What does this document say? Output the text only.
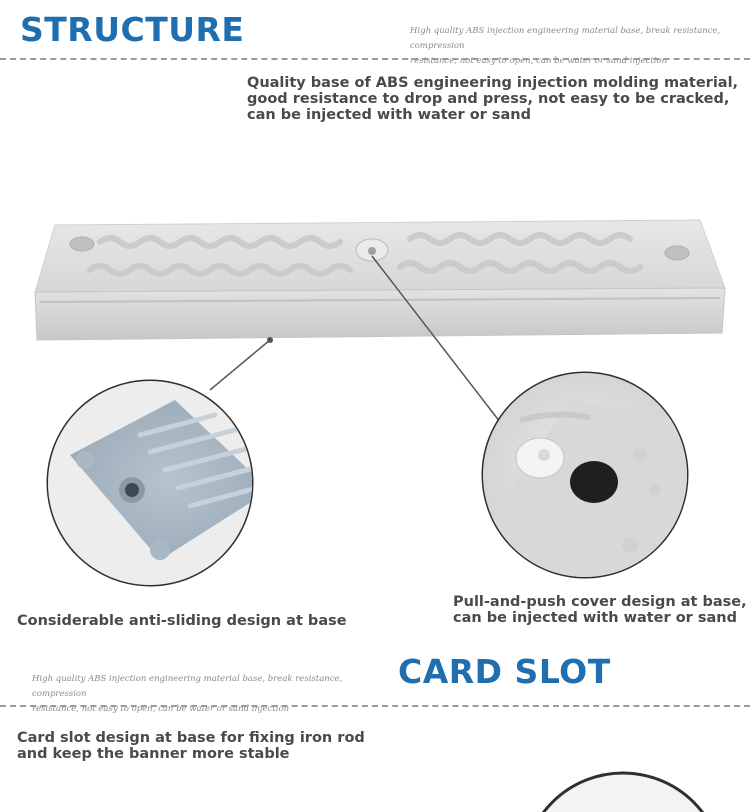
STRUCTURE	High quality ABS injection engineering material base, break resistance, compression
resistance, not easy to open, can be water or sand injection
Quality base of ABS engineering injection molding material,
good resistance to drop and press, not easy to be cracked,
can be injected with water or sand
Considerable anti-sliding design at base
Pull-and-push cover design at base,
can be injected with water or sand
High quality ABS injection engineering material base, break resistance, compression
resistance, not easy to open, can be water or sand injection
CARD SLOT
Card slot design at base for fixing iron rod
and keep the banner more stable
